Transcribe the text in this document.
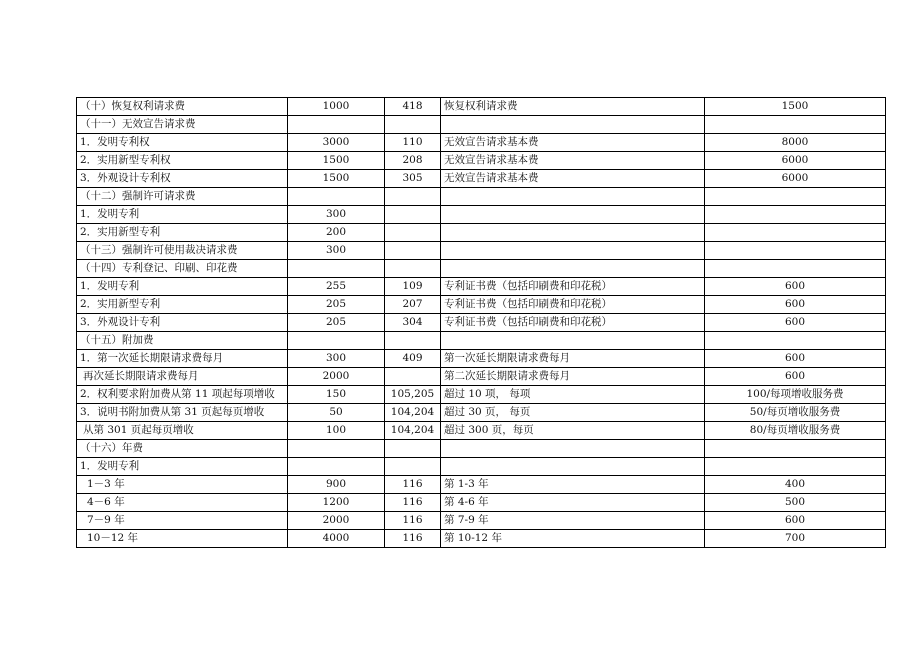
（十）恢复权利请求费	1000	418	恢复权利请求费	1500
（十一）无效宣告请求费				
1．发明专利权	3000	110	无效宣告请求基本费	8000
2．实用新型专利权	1500	208	无效宣告请求基本费	6000
3．外观设计专利权	1500	305	无效宣告请求基本费	6000
（十二）强制许可请求费				
1．发明专利	300			
2．实用新型专利	200			
（十三）强制许可使用裁决请求费	300			
（十四）专利登记、印刷、印花费				
1．发明专利	255	109	专利证书费（包括印刷费和印花税）	600
2．实用新型专利	205	207	专利证书费（包括印刷费和印花税）	600
3．外观设计专利	205	304	专利证书费（包括印刷费和印花税）	600
（十五）附加费				
1．第一次延长期限请求费每月	300	409	第一次延长期限请求费每月	600
再次延长期限请求费每月	2000		第二次延长期限请求费每月	600
2．权利要求附加费从第 11 项起每项增收	150	105,205	超过 10 项， 每项	100/每项增收服务费
3．说明书附加费从第 31 页起每页增收	50	104,204	超过 30 页， 每页	50/每页增收服务费
从第 301 页起每页增收	100	104,204	超过 300 页，每页	80/每页增收服务费
（十六）年费				
1．发明专利				
1－3 年	900	116	第 1-3 年	400
4－6 年	1200	116	第 4-6 年	500
7－9 年	2000	116	第 7-9 年	600
10－12 年	4000	116	第 10-12 年	700
